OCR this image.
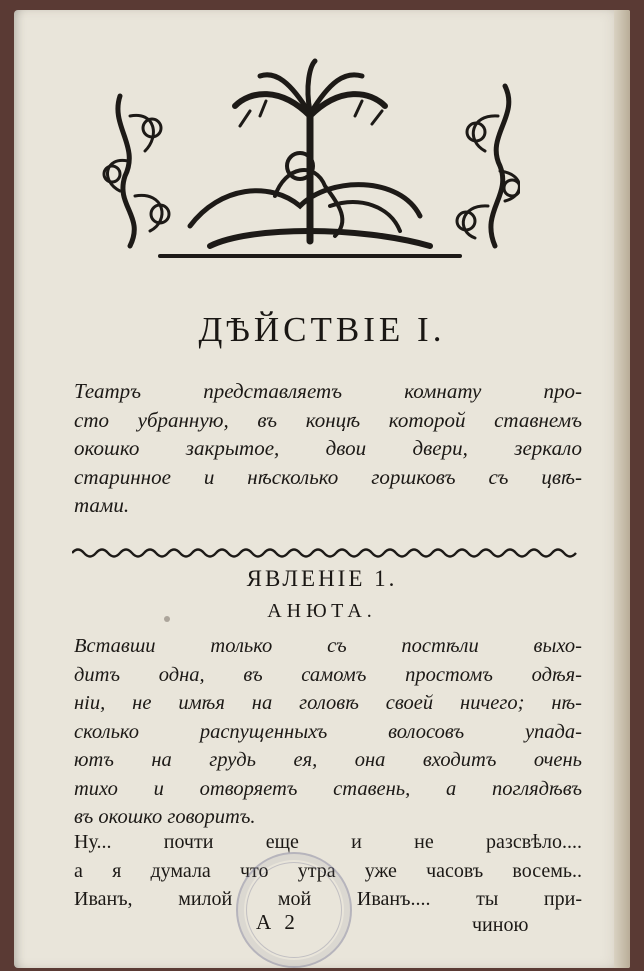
ДѢЙСТВІЕ I.
Театръ представляетъ комнату про-
сто убранную, въ концѣ которой ставнемъ
окошко закрытое, двои двери, зеркало
старинное и нѣсколько горшковъ съ цвѣ-
тами.
ЯВЛЕНІЕ 1.
АНЮТА.
Вставши только съ постѣли выхо-
дитъ одна, въ самомъ простомъ одѣя-
ніи, не имѣя на головѣ своей ничего; нѣ-
сколько распущенныхъ волосовъ упада-
ютъ на грудь ея, она входитъ очень
тихо и отворяетъ ставень, а поглядѣвъ
въ окошко говоритъ.
Ну... почти еще и не разсвѣло....
а я думала что утра уже часовъ восемь..
Иванъ, милой мой Иванъ.... ты при-
А 2	чиною
